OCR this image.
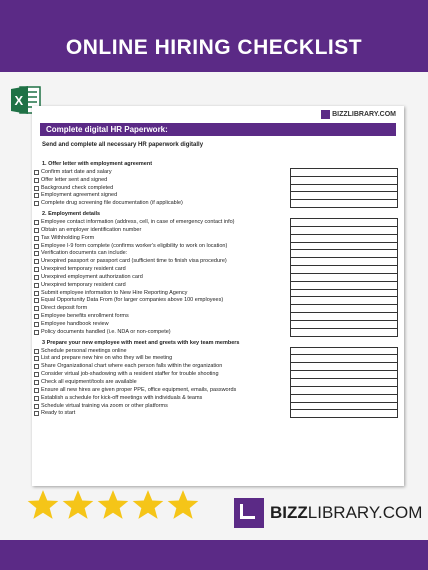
ONLINE HIRING CHECKLIST
X
BIZZLIBRARY.COM
Complete digital HR Paperwork:
Send and complete all necessary HR paperwork digitally
1. Offer letter with employment agreement
Confirm start date and salary
Offer letter sent and signed
Background check completed
Employment agreement signed
Complete drug screening file documentation (if applicable)
2. Employment details
Employee contact information (address, cell, in case of emergency contact info)
Obtain an employer identification number
Tax Withholding Form
Employee I-9 form complete (confirms worker's eligibility to work on location)
Verification documents can include:
Unexpired passport or passport card (sufficient time to finish visa procedure)
Unexpired temporary resident card
Unexpired employment authorization card
Unexpired temporary resident card
Submit employee information to New Hire Reporting Agency
Equal Opportunity Data From (for larger companies above 100 employees)
Direct deposit form
Employee benefits enrollment forms
Employee handbook review
Policy documents handled (i.e. NDA or non-compete)
3 Prepare your new employee with meet and greets with key team members
Schedule personal meetings online
List and prepare new hire on who they will be meeting
Share Organizational chart where each person falls within the organization
Consider virtual job-shadowing with a resident staffer for trouble shooting
Check all equipment/tools are available
Ensure all new hires are given proper PPE, office equipment, emails, passwords
Establish a schedule for kick-off meetings with individuals & teams
Schedule virtual training via zoom or other platforms
Ready to start
BIZZLIBRARY.COM
